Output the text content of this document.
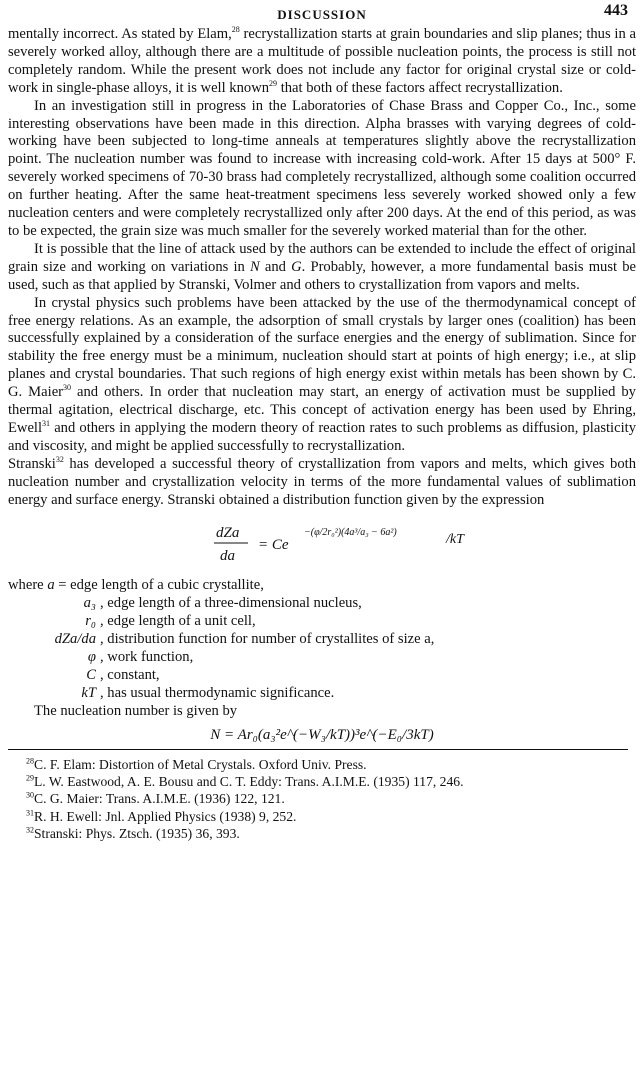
DISCUSSION	443

mentally incorrect. As stated by Elam,$^{28}$ recrystallization starts at grain boundaries and slip planes; thus in a severely worked alloy, although there are a multitude of possible nucleation points, the process is still not completely random. While the present work does not include any factor for original crystal size or cold-work in single-phase alloys, it is well known$^{29}$ that both of these factors affect recrystallization.

In an investigation still in progress in the Laboratories of Chase Brass and Copper Co., Inc., some interesting observations have been made in this direction. Alpha brasses with varying degrees of cold-working have been subjected to long-time anneals at temperatures slightly above the recrystallization point. The nucleation number was found to increase with increasing cold-work. After 15 days at 500° F. severely worked specimens of 70-30 brass had completely recrystallized, although some coalition occurred on further heating. After the same heat-treatment specimens less severely worked showed only a few nucleation centers and were completely recrystallized only after 200 days. At the end of this period, as was to be expected, the grain size was much smaller for the severely worked material than for the other.

It is possible that the line of attack used by the authors can be extended to include the effect of original grain size and working on variations in N and G. Probably, however, a more fundamental basis must be used, such as that applied by Stranski, Volmer and others to crystallization from vapors and melts.

In crystal physics such problems have been attacked by the use of the thermodynamical concept of free energy relations. As an example, the adsorption of small crystals by larger ones (coalition) has been successfully explained by a consideration of the surface energies and the energy of sublimation. Since for stability the free energy must be a minimum, nucleation should start at points of high energy; i.e., at slip planes and crystal boundaries. That such regions of high energy exist within metals has been shown by C. G. Maier$^{30}$ and others. In order that nucleation may start, an energy of activation must be supplied by thermal agitation, electrical discharge, etc. This concept of activation energy has been used by Ehring, Ewell$^{31}$ and others in applying the modern theory of reaction rates to such problems as diffusion, plasticity and viscosity, and might be applied successfully to recrystallization.

Stranski$^{32}$ has developed a successful theory of crystallization from vapors and melts, which gives both nucleation number and crystallization velocity in terms of the more fundamental values of sublimation energy and surface energy. Stranski obtained a distribution function given by the expression

dZa
da
= Ce
−(φ/2r₀²)(4a³/a₃ − 6a²)	/kT
where
a
= edge length of a cubic crystallite,
a₃ , edge length of a three-dimensional nucleus,
r₀ , edge length of a unit cell,
dZa/da , distribution function for number of crystallites of size a,
φ , work function,
C , constant,
kT , has usual thermodynamic significance.

The nucleation number is given by

N = Ar₀(a₃²e^(−W₃/kT))³e^(−E₀/3kT)
$^{28}$C. F. Elam: Distortion of Metal Crystals. Oxford Univ. Press.
$^{29}$L. W. Eastwood, A. E. Bousu and C. T. Eddy: Trans. A.I.M.E. (1935) 117, 246.
$^{30}$C. G. Maier: Trans. A.I.M.E. (1936) 122, 121.
$^{31}$R. H. Ewell: Jnl. Applied Physics (1938) 9, 252.
$^{32}$Stranski: Phys. Ztsch. (1935) 36, 393.
